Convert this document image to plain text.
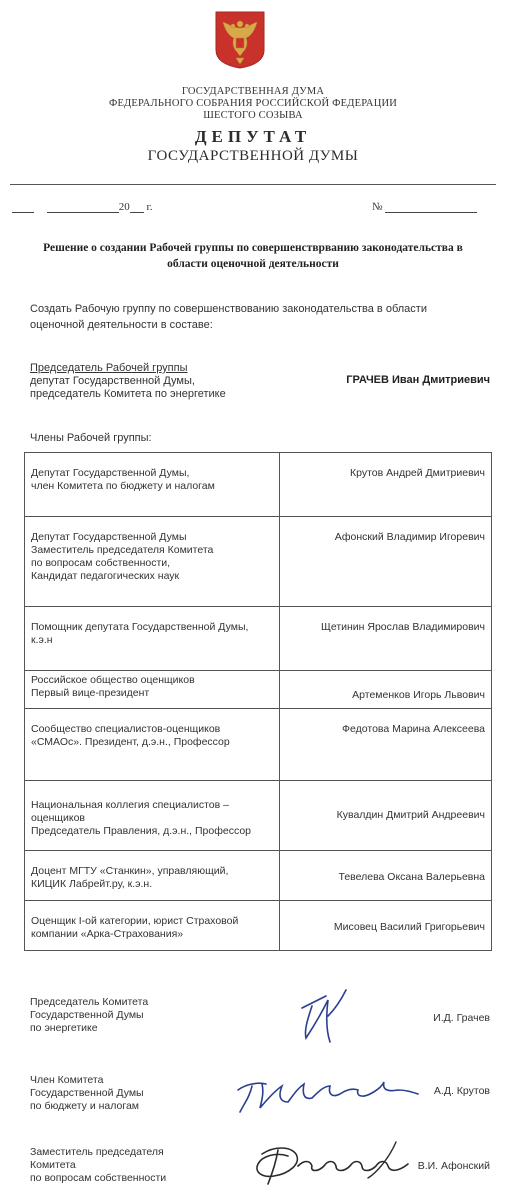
ГОСУДАРСТВЕННАЯ ДУМА
ФЕДЕРАЛЬНОГО СОБРАНИЯ РОССИЙСКОЙ ФЕДЕРАЦИИ
ШЕСТОГО СОЗЫВА
ДЕПУТАТ
ГОСУДАРСТВЕННОЙ ДУМЫ
20 г.	№
Решение о создании Рабочей группы по совершенстврванию законодательства в области оценочной деятельности
Создать Рабочую группу по совершенствованию законодательства в области оценочной деятельности в составе:
Председатель Рабочей группы
депутат Государственной Думы,
председатель Комитета по энергетике
ГРАЧЕВ Иван Дмитриевич
Члены Рабочей группы:
Депутат Государственной Думы,
член Комитета по бюджету и налогам	Крутов Андрей Дмитриевич
Депутат Государственной Думы
Заместитель председателя Комитета
по вопросам собственности,
Кандидат педагогических наук	Афонский Владимир Игоревич
Помощник депутата Государственной Думы,
к.э.н	Щетинин Ярослав Владимирович
Российское общество оценщиков
Первый вице-президент	Артеменков Игорь Львович
Сообщество специалистов-оценщиков
«СМАОс». Президент, д.э.н., Профессор	Федотова Марина Алексеева
Национальная коллегия специалистов –
оценщиков
Председатель Правления, д.э.н., Профессор	Кувалдин Дмитрий Андреевич
Доцент МГТУ «Станкин», управляющий,
КИЦИК Лабрейт.ру, к.э.н.	Тевелева Оксана Валерьевна
Оценщик I-ой категории, юрист Страховой
компании «Арка-Страхования»	Мисовец Василий Григорьевич
Председатель Комитета
Государственной Думы
по энергетике
И.Д. Грачев
Член Комитета
Государственной Думы
по бюджету и налогам
А.Д. Крутов
Заместитель председателя
Комитета
по вопросам собственности
В.И. Афонский
